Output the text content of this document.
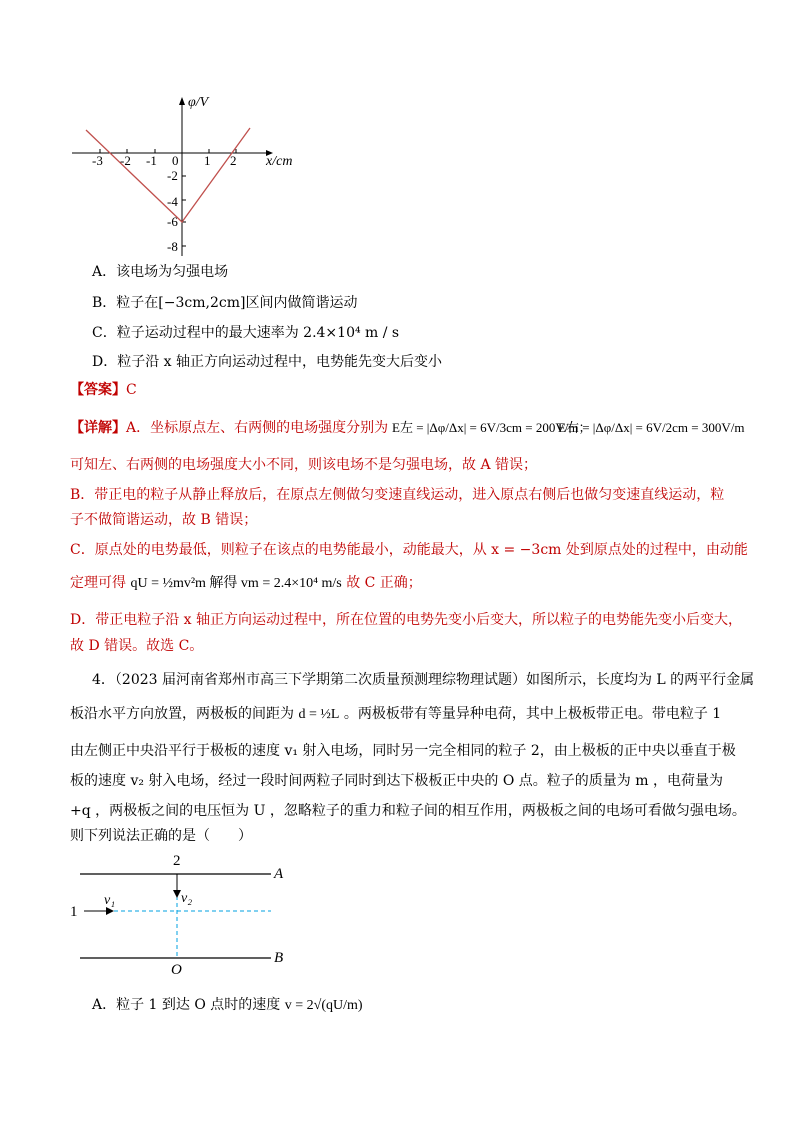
φ/V
x/cm
-3 -2 -1 0 1 2
-2
-4
-6
-8
A．该电场为匀强电场
B．粒子在[−3cm,2cm]区间内做简谐运动
C．粒子运动过程中的最大速率为 2.4×10⁴ m / s
D．粒子沿 x 轴正方向运动过程中，电势能先变大后变小
【答案】C
【详解】A．坐标原点左、右两侧的电场强度分别为 E左 = |Δφ/Δx| = 6V/3cm = 200V/m；
E右 = |Δφ/Δx| = 6V/2cm = 300V/m
可知左、右两侧的电场强度大小不同，则该电场不是匀强电场，故 A 错误；
B．带正电的粒子从静止释放后，在原点左侧做匀变速直线运动，进入原点右侧后也做匀变速直线运动，粒
子不做简谐运动，故 B 错误；
C．原点处的电势最低，则粒子在该点的电势能最小，动能最大，从 x = −3cm 处到原点处的过程中，由动能
定理可得 qU = ½mv²m 解得 vm = 2.4×10⁴ m/s 故 C 正确；
D．带正电粒子沿 x 轴正方向运动过程中，所在位置的电势先变小后变大，所以粒子的电势能先变小后变大，
故 D 错误。故选 C。
4．（2023 届河南省郑州市高三下学期第二次质量预测理综物理试题）如图所示，长度均为 L 的两平行金属
板沿水平方向放置，两极板的间距为 d = ½L 。两极板带有等量异种电荷，其中上极板带正电。带电粒子 1
由左侧正中央沿平行于极板的速度 v₁ 射入电场，同时另一完全相同的粒子 2，由上极板的正中央以垂直于极
板的速度 v₂ 射入电场，经过一段时间两粒子同时到达下极板正中央的 O 点。粒子的质量为 m ，电荷量为
+q ，两极板之间的电压恒为 U ，忽略粒子的重力和粒子间的相互作用，两极板之间的电场可看做匀强电场。
则下列说法正确的是（　　）
2
A
v₂
1
v₁
O
B
A．粒子 1 到达 O 点时的速度 v = 2√(qU/m)
